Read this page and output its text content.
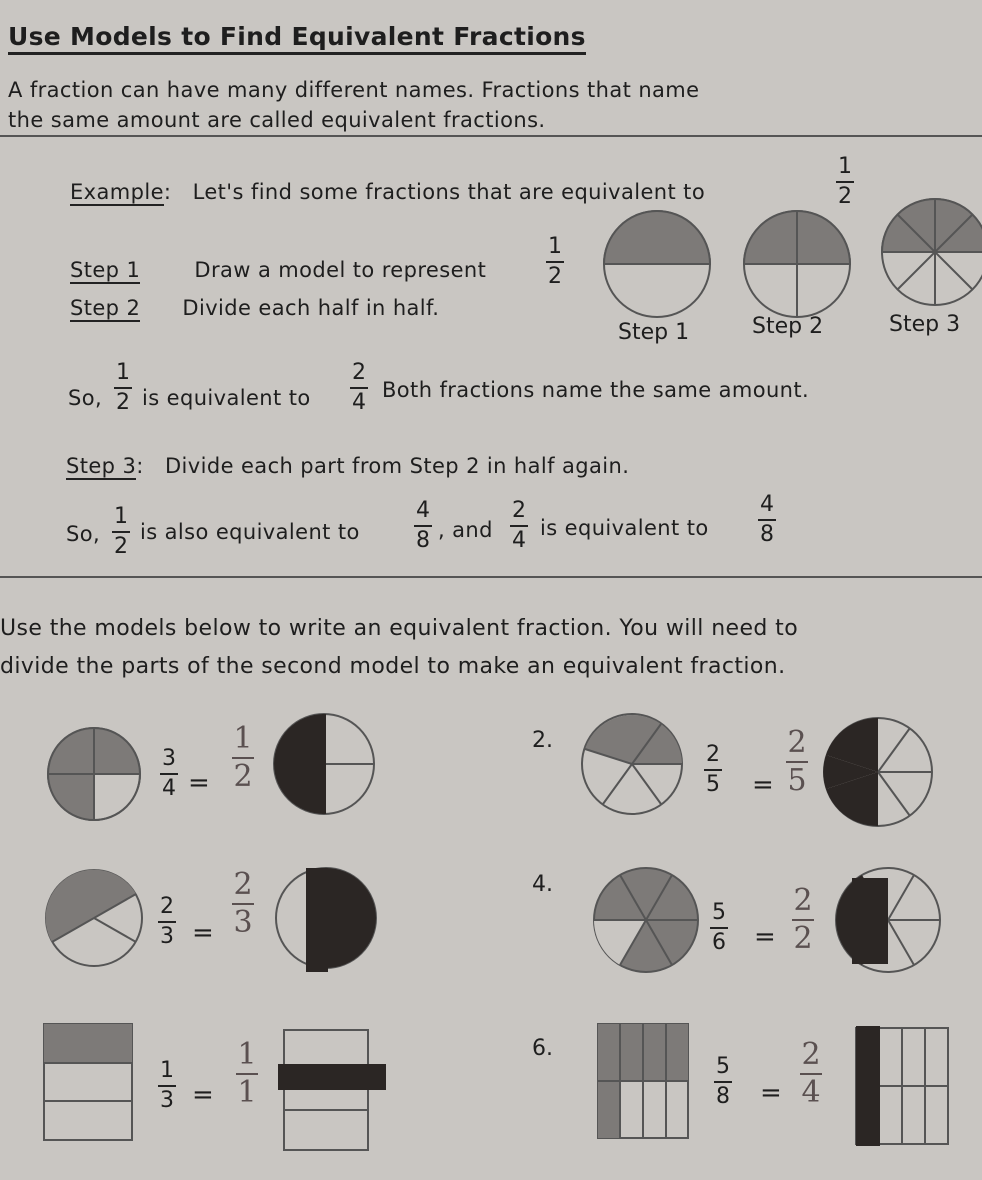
Use Models to Find Equivalent Fractions
A fraction can have many different names. Fractions that name
the same amount are called equivalent fractions.
Example:   Let's find some fractions that are equivalent to
1
2
Step 1	Draw a model to represent
1
2
Step 2 Divide each half in half.
Step 1	Step 2	Step 3
So,
1
2 is equivalent to
2
4 Both fractions name the same amount.
Step 3:   Divide each part from Step 2 in half again.
So,
1
2
is also equivalent to
4
8 , and
2
4 is equivalent to
4
8
Use the models below to write an equivalent fraction. You will need to
divide the parts of the second model to make an equivalent fraction.
2.
4.
6.
3
4 =
1
2
2
5 =
2
5
2
3 =
2
3	5
6 =
2
2
1
3 =
1
1
5
8 =
2
4
